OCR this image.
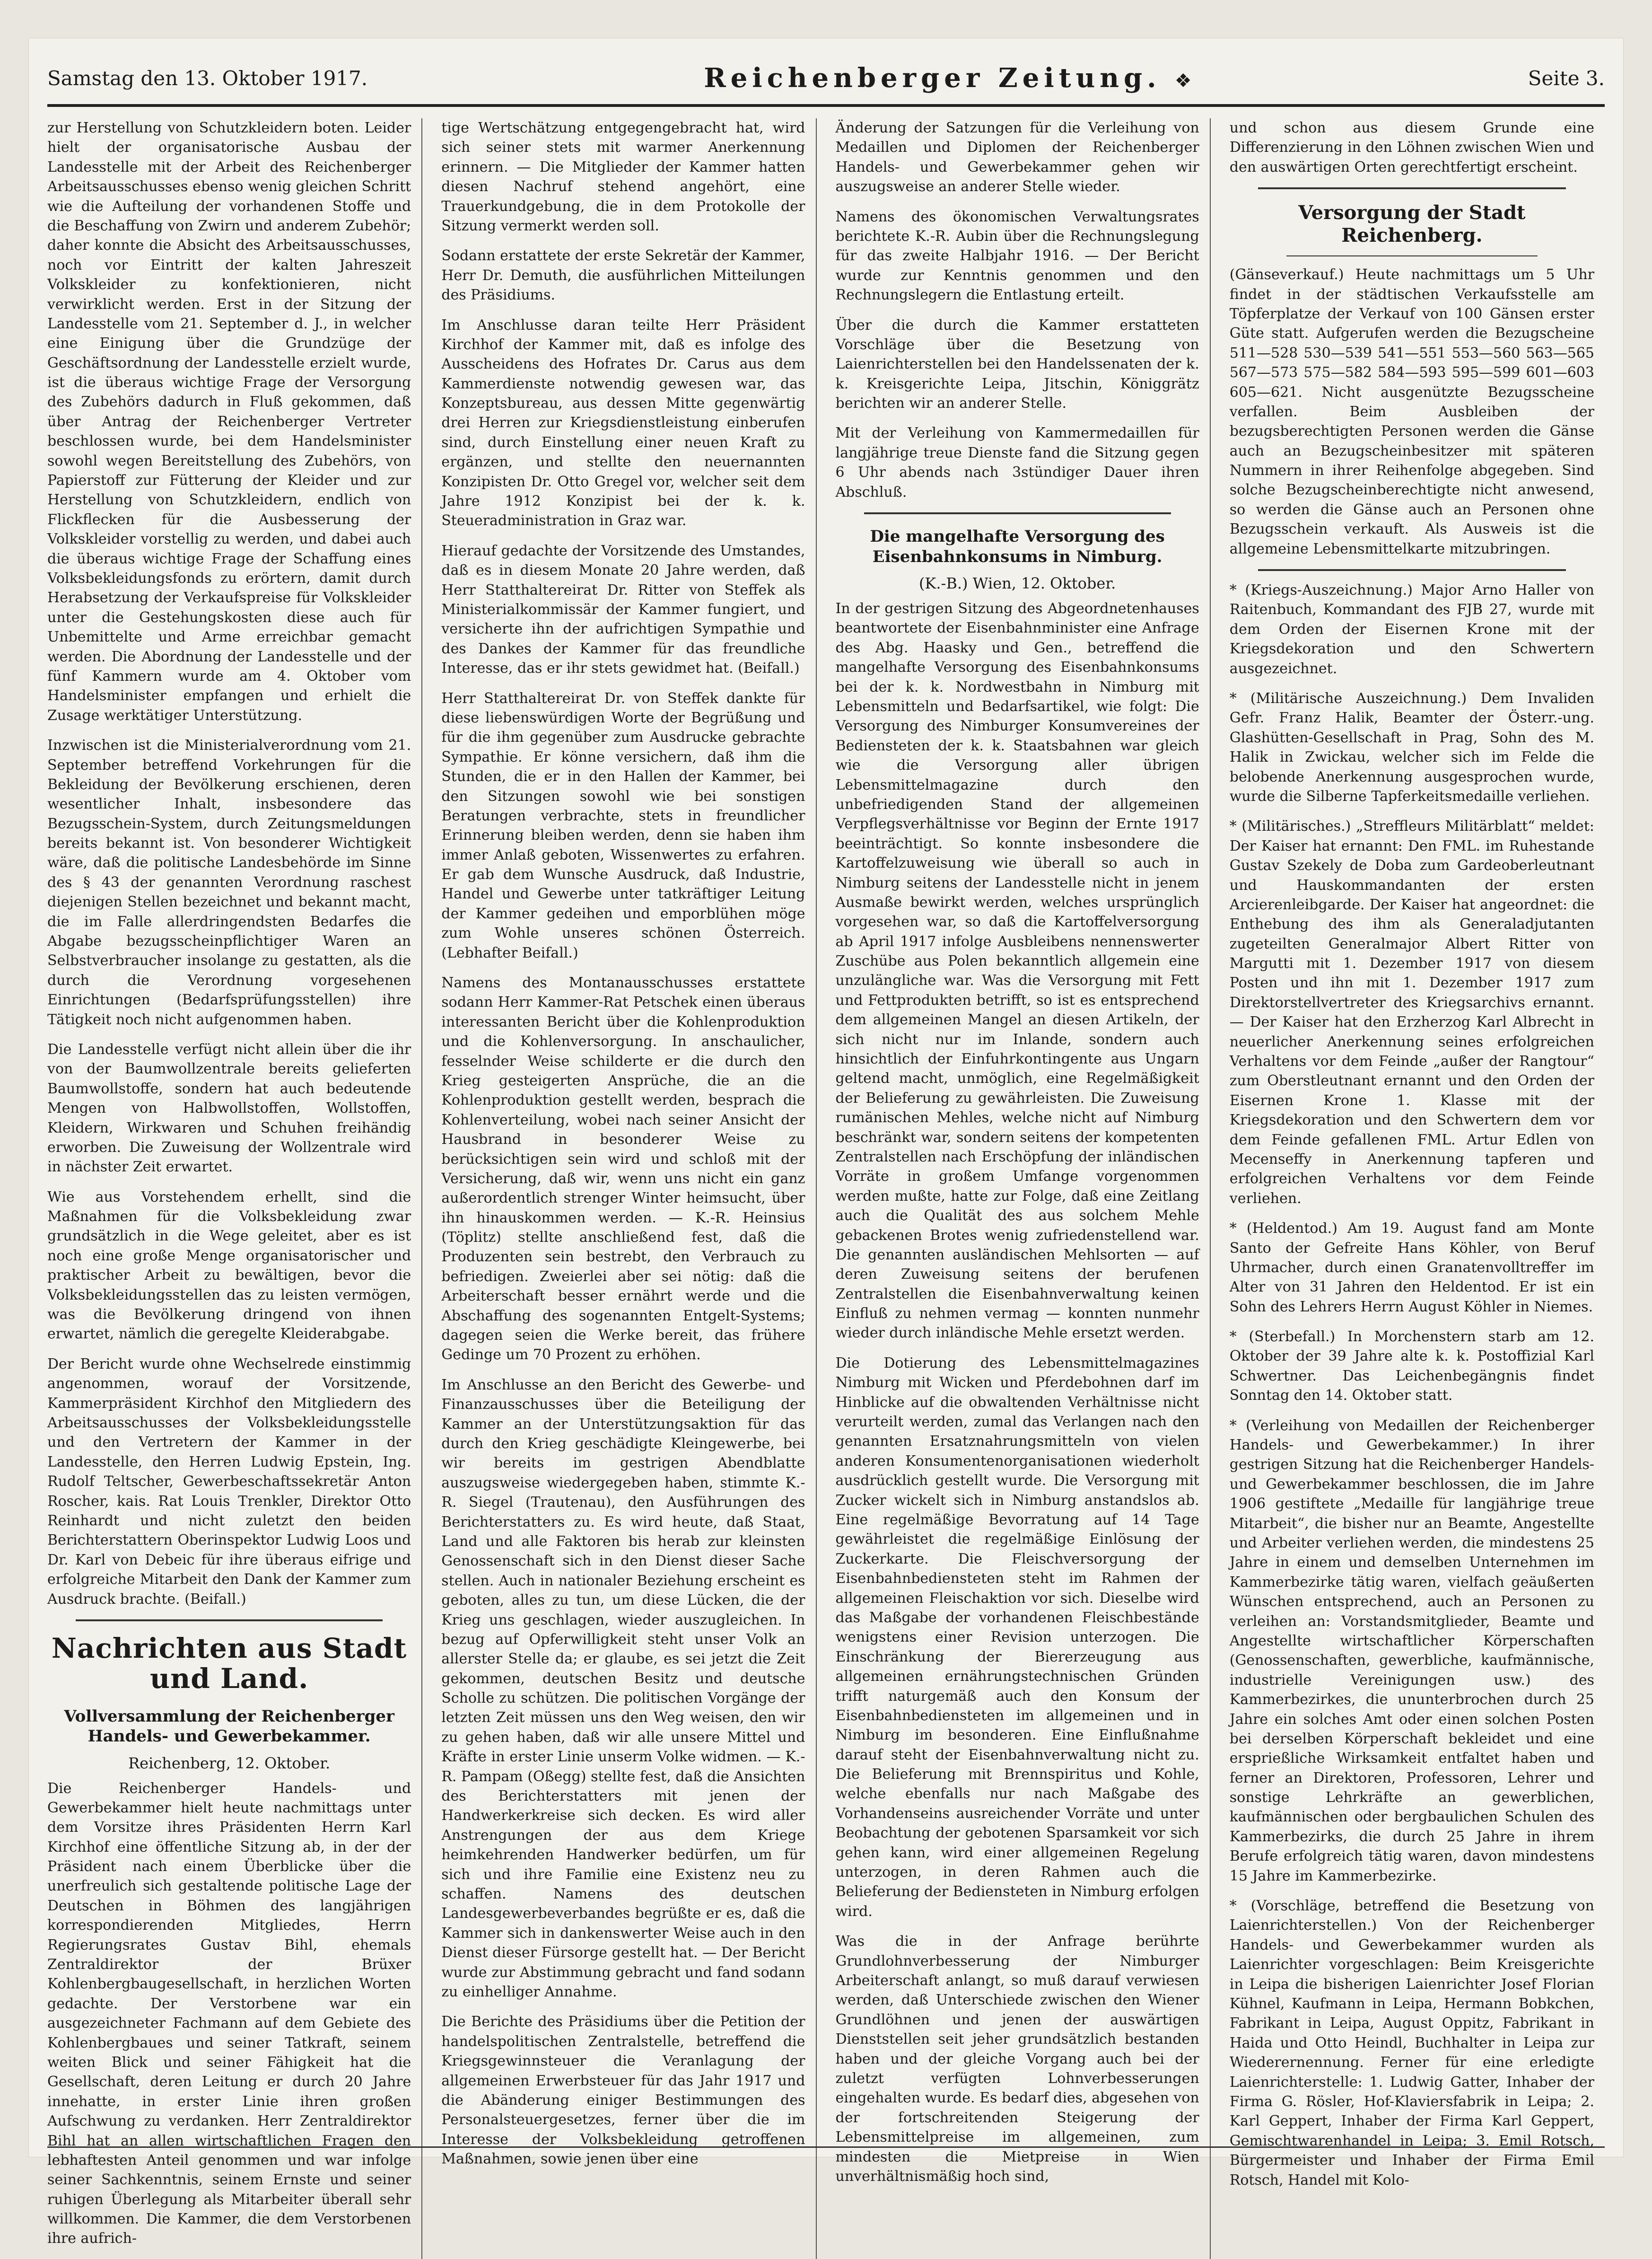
Samstag den 13. Oktober 1917.	Reichenberger Zeitung. ❖	Seite 3.

zur Herstellung von Schutzkleidern boten. Leider hielt der organisatorische Ausbau der Landesstelle mit der Arbeit des Reichenberger Arbeitsausschusses ebenso wenig gleichen Schritt wie die Aufteilung der vorhandenen Stoffe und die Beschaffung von Zwirn und anderem Zubehör; daher konnte die Absicht des Arbeitsausschusses, noch vor Eintritt der kalten Jahreszeit Volkskleider zu konfektionieren, nicht verwirklicht werden. Erst in der Sitzung der Landesstelle vom 21. September d. J., in welcher eine Einigung über die Grundzüge der Geschäftsordnung der Landesstelle erzielt wurde, ist die überaus wichtige Frage der Versorgung des Zubehörs dadurch in Fluß gekommen, daß über Antrag der Reichenberger Vertreter beschlossen wurde, bei dem Handelsminister sowohl wegen Bereitstellung des Zubehörs, von Papierstoff zur Fütterung der Kleider und zur Herstellung von Schutzkleidern, endlich von Flickflecken für die Ausbesserung der Volkskleider vorstellig zu werden, und dabei auch die überaus wichtige Frage der Schaffung eines Volksbekleidungsfonds zu erörtern, damit durch Herabsetzung der Verkaufspreise für Volkskleider unter die Gestehungskosten diese auch für Unbemittelte und Arme erreichbar gemacht werden. Die Abordnung der Landesstelle und der fünf Kammern wurde am 4. Oktober vom Handelsminister empfangen und erhielt die Zusage werktätiger Unterstützung.

Inzwischen ist die Ministerialverordnung vom 21. September betreffend Vorkehrungen für die Bekleidung der Bevölkerung erschienen, deren wesentlicher Inhalt, insbesondere das Bezugsschein-System, durch Zeitungsmeldungen bereits bekannt ist. Von besonderer Wichtigkeit wäre, daß die politische Landesbehörde im Sinne des § 43 der genannten Verordnung raschest diejenigen Stellen bezeichnet und bekannt macht, die im Falle allerdringendsten Bedarfes die Abgabe bezugsscheinpflichtiger Waren an Selbstverbraucher insolange zu gestatten, als die durch die Verordnung vorgesehenen Einrichtungen (Bedarfsprüfungsstellen) ihre Tätigkeit noch nicht aufgenommen haben.

Die Landesstelle verfügt nicht allein über die ihr von der Baumwollzentrale bereits gelieferten Baumwollstoffe, sondern hat auch bedeutende Mengen von Halbwollstoffen, Wollstoffen, Kleidern, Wirkwaren und Schuhen freihändig erworben. Die Zuweisung der Wollzentrale wird in nächster Zeit erwartet.

Wie aus Vorstehendem erhellt, sind die Maßnahmen für die Volksbekleidung zwar grundsätzlich in die Wege geleitet, aber es ist noch eine große Menge organisatorischer und praktischer Arbeit zu bewältigen, bevor die Volksbekleidungsstellen das zu leisten vermögen, was die Bevölkerung dringend von ihnen erwartet, nämlich die geregelte Kleiderabgabe.

Der Bericht wurde ohne Wechselrede einstimmig angenommen, worauf der Vorsitzende, Kammerpräsident Kirchhof den Mitgliedern des Arbeitsausschusses der Volksbekleidungsstelle und den Vertretern der Kammer in der Landesstelle, den Herren Ludwig Epstein, Ing. Rudolf Teltscher, Gewerbeschaftssekretär Anton Roscher, kais. Rat Louis Trenkler, Direktor Otto Reinhardt und nicht zuletzt den beiden Berichterstattern Oberinspektor Ludwig Loos und Dr. Karl von Debeic für ihre überaus eifrige und erfolgreiche Mitarbeit den Dank der Kammer zum Ausdruck brachte. (Beifall.)

Nachrichten aus Stadt und Land.
Vollversammlung der Reichenberger Handels- und Gewerbekammer.
Reichenberg, 12. Oktober.

Die Reichenberger Handels- und Gewerbekammer hielt heute nachmittags unter dem Vorsitze ihres Präsidenten Herrn Karl Kirchhof eine öffentliche Sitzung ab, in der der Präsident nach einem Überblicke über die unerfreulich sich gestaltende politische Lage der Deutschen in Böhmen des langjährigen korrespondierenden Mitgliedes, Herrn Regierungsrates Gustav Bihl, ehemals Zentraldirektor der Brüxer Kohlenbergbaugesellschaft, in herzlichen Worten gedachte. Der Verstorbene war ein ausgezeichneter Fachmann auf dem Gebiete des Kohlenbergbaues und seiner Tatkraft, seinem weiten Blick und seiner Fähigkeit hat die Gesellschaft, deren Leitung er durch 20 Jahre innehatte, in erster Linie ihren großen Aufschwung zu verdanken. Herr Zentraldirektor Bihl hat an allen wirtschaftlichen Fragen den lebhaftesten Anteil genommen und war infolge seiner Sachkenntnis, seinem Ernste und seiner ruhigen Überlegung als Mitarbeiter überall sehr willkommen. Die Kammer, die dem Verstorbenen ihre aufrich-

tige Wertschätzung entgegengebracht hat, wird sich seiner stets mit warmer Anerkennung erinnern. — Die Mitglieder der Kammer hatten diesen Nachruf stehend angehört, eine Trauerkundgebung, die in dem Protokolle der Sitzung vermerkt werden soll.

Sodann erstattete der erste Sekretär der Kammer, Herr Dr. Demuth, die ausführlichen Mitteilungen des Präsidiums.

Im Anschlusse daran teilte Herr Präsident Kirchhof der Kammer mit, daß es infolge des Ausscheidens des Hofrates Dr. Carus aus dem Kammerdienste notwendig gewesen war, das Konzeptsbureau, aus dessen Mitte gegenwärtig drei Herren zur Kriegsdienstleistung einberufen sind, durch Einstellung einer neuen Kraft zu ergänzen, und stellte den neuernannten Konzipisten Dr. Otto Gregel vor, welcher seit dem Jahre 1912 Konzipist bei der k. k. Steueradministration in Graz war.

Hierauf gedachte der Vorsitzende des Umstandes, daß es in diesem Monate 20 Jahre werden, daß Herr Statthaltereirat Dr. Ritter von Steffek als Ministerialkommissär der Kammer fungiert, und versicherte ihn der aufrichtigen Sympathie und des Dankes der Kammer für das freundliche Interesse, das er ihr stets gewidmet hat. (Beifall.)

Herr Statthaltereirat Dr. von Steffek dankte für diese liebenswürdigen Worte der Begrüßung und für die ihm gegenüber zum Ausdrucke gebrachte Sympathie. Er könne versichern, daß ihm die Stunden, die er in den Hallen der Kammer, bei den Sitzungen sowohl wie bei sonstigen Beratungen verbrachte, stets in freundlicher Erinnerung bleiben werden, denn sie haben ihm immer Anlaß geboten, Wissenwertes zu erfahren. Er gab dem Wunsche Ausdruck, daß Industrie, Handel und Gewerbe unter tatkräftiger Leitung der Kammer gedeihen und emporblühen möge zum Wohle unseres schönen Österreich. (Lebhafter Beifall.)

Namens des Montanausschusses erstattete sodann Herr Kammer-Rat Petschek einen überaus interessanten Bericht über die Kohlenproduktion und die Kohlenversorgung. In anschaulicher, fesselnder Weise schilderte er die durch den Krieg gesteigerten Ansprüche, die an die Kohlenproduktion gestellt werden, besprach die Kohlenverteilung, wobei nach seiner Ansicht der Hausbrand in besonderer Weise zu berücksichtigen sein wird und schloß mit der Versicherung, daß wir, wenn uns nicht ein ganz außerordentlich strenger Winter heimsucht, über ihn hinauskommen werden. — K.-R. Heinsius (Töplitz) stellte anschließend fest, daß die Produzenten sein bestrebt, den Verbrauch zu befriedigen. Zweierlei aber sei nötig: daß die Arbeiterschaft besser ernährt werde und die Abschaffung des sogenannten Entgelt-Systems; dagegen seien die Werke bereit, das frühere Gedinge um 70 Prozent zu erhöhen.

Im Anschlusse an den Bericht des Gewerbe- und Finanzausschusses über die Beteiligung der Kammer an der Unterstützungsaktion für das durch den Krieg geschädigte Kleingewerbe, bei wir bereits im gestrigen Abendblatte auszugsweise wiedergegeben haben, stimmte K.-R. Siegel (Trautenau), den Ausführungen des Berichterstatters zu. Es wird heute, daß Staat, Land und alle Faktoren bis herab zur kleinsten Genossenschaft sich in den Dienst dieser Sache stellen. Auch in nationaler Beziehung erscheint es geboten, alles zu tun, um diese Lücken, die der Krieg uns geschlagen, wieder auszugleichen. In bezug auf Opferwilligkeit steht unser Volk an allerster Stelle da; er glaube, es sei jetzt die Zeit gekommen, deutschen Besitz und deutsche Scholle zu schützen. Die politischen Vorgänge der letzten Zeit müssen uns den Weg weisen, den wir zu gehen haben, daß wir alle unsere Mittel und Kräfte in erster Linie unserm Volke widmen. — K.-R. Pampam (Oßegg) stellte fest, daß die Ansichten des Berichterstatters mit jenen der Handwerkerkreise sich decken. Es wird aller Anstrengungen der aus dem Kriege heimkehrenden Handwerker bedürfen, um für sich und ihre Familie eine Existenz neu zu schaffen. Namens des deutschen Landesgewerbeverbandes begrüßte er es, daß die Kammer sich in dankenswerter Weise auch in den Dienst dieser Fürsorge gestellt hat. — Der Bericht wurde zur Abstimmung gebracht und fand sodann zu einhelliger Annahme.

Die Berichte des Präsidiums über die Petition der handelspolitischen Zentralstelle, betreffend die Kriegsgewinnsteuer die Veranlagung der allgemeinen Erwerbsteuer für das Jahr 1917 und die Abänderung einiger Bestimmungen des Personalsteuergesetzes, ferner über die im Interesse der Volksbekleidung getroffenen Maßnahmen, sowie jenen über eine

Änderung der Satzungen für die Verleihung von Medaillen und Diplomen der Reichenberger Handels- und Gewerbekammer gehen wir auszugsweise an anderer Stelle wieder.

Namens des ökonomischen Verwaltungsrates berichtete K.-R. Aubin über die Rechnungslegung für das zweite Halbjahr 1916. — Der Bericht wurde zur Kenntnis genommen und den Rechnungslegern die Entlastung erteilt.

Über die durch die Kammer erstatteten Vorschläge über die Besetzung von Laienrichterstellen bei den Handelssenaten der k. k. Kreisgerichte Leipa, Jitschin, Königgrätz berichten wir an anderer Stelle.

Mit der Verleihung von Kammermedaillen für langjährige treue Dienste fand die Sitzung gegen 6 Uhr abends nach 3stündiger Dauer ihren Abschluß.

Die mangelhafte Versorgung des Eisenbahnkonsums in Nimburg.
(K.-B.) Wien, 12. Oktober.

In der gestrigen Sitzung des Abgeordnetenhauses beantwortete der Eisenbahnminister eine Anfrage des Abg. Haasky und Gen., betreffend die mangelhafte Versorgung des Eisenbahnkonsums bei der k. k. Nordwestbahn in Nimburg mit Lebensmitteln und Bedarfsartikel, wie folgt: Die Versorgung des Nimburger Konsumvereines der Bediensteten der k. k. Staatsbahnen war gleich wie die Versorgung aller übrigen Lebensmittelmagazine durch den unbefriedigenden Stand der allgemeinen Verpflegsverhältnisse vor Beginn der Ernte 1917 beeinträchtigt. So konnte insbesondere die Kartoffelzuweisung wie überall so auch in Nimburg seitens der Landesstelle nicht in jenem Ausmaße bewirkt werden, welches ursprünglich vorgesehen war, so daß die Kartoffelversorgung ab April 1917 infolge Ausbleibens nennenswerter Zuschübe aus Polen bekanntlich allgemein eine unzulängliche war. Was die Versorgung mit Fett und Fettprodukten betrifft, so ist es entsprechend dem allgemeinen Mangel an diesen Artikeln, der sich nicht nur im Inlande, sondern auch hinsichtlich der Einfuhrkontingente aus Ungarn geltend macht, unmöglich, eine Regelmäßigkeit der Belieferung zu gewährleisten. Die Zuweisung rumänischen Mehles, welche nicht auf Nimburg beschränkt war, sondern seitens der kompetenten Zentralstellen nach Erschöpfung der inländischen Vorräte in großem Umfange vorgenommen werden mußte, hatte zur Folge, daß eine Zeitlang auch die Qualität des aus solchem Mehle gebackenen Brotes wenig zufriedenstellend war. Die genannten ausländischen Mehlsorten — auf deren Zuweisung seitens der berufenen Zentralstellen die Eisenbahnverwaltung keinen Einfluß zu nehmen vermag — konnten nunmehr wieder durch inländische Mehle ersetzt werden.

Die Dotierung des Lebensmittelmagazines Nimburg mit Wicken und Pferdebohnen darf im Hinblicke auf die obwaltenden Verhältnisse nicht verurteilt werden, zumal das Verlangen nach den genannten Ersatznahrungsmitteln von vielen anderen Konsumentenorganisationen wiederholt ausdrücklich gestellt wurde. Die Versorgung mit Zucker wickelt sich in Nimburg anstandslos ab. Eine regelmäßige Bevorratung auf 14 Tage gewährleistet die regelmäßige Einlösung der Zuckerkarte. Die Fleischversorgung der Eisenbahnbediensteten steht im Rahmen der allgemeinen Fleischaktion vor sich. Dieselbe wird das Maßgabe der vorhandenen Fleischbestände wenigstens einer Revision unterzogen. Die Einschränkung der Biererzeugung aus allgemeinen ernährungstechnischen Gründen trifft naturgemäß auch den Konsum der Eisenbahnbediensteten im allgemeinen und in Nimburg im besonderen. Eine Einflußnahme darauf steht der Eisenbahnverwaltung nicht zu. Die Belieferung mit Brennspiritus und Kohle, welche ebenfalls nur nach Maßgabe des Vorhandenseins ausreichender Vorräte und unter Beobachtung der gebotenen Sparsamkeit vor sich gehen kann, wird einer allgemeinen Regelung unterzogen, in deren Rahmen auch die Belieferung der Bediensteten in Nimburg erfolgen wird.

Was die in der Anfrage berührte Grundlohnverbesserung der Nimburger Arbeiterschaft anlangt, so muß darauf verwiesen werden, daß Unterschiede zwischen den Wiener Grundlöhnen und jenen der auswärtigen Dienststellen seit jeher grundsätzlich bestanden haben und der gleiche Vorgang auch bei der zuletzt verfügten Lohnverbesserungen eingehalten wurde. Es bedarf dies, abgesehen von der fortschreitenden Steigerung der Lebensmittelpreise im allgemeinen, zum mindesten die Mietpreise in Wien unverhältnismäßig hoch sind,

und schon aus diesem Grunde eine Differenzierung in den Löhnen zwischen Wien und den auswärtigen Orten gerechtfertigt erscheint.

Versorgung der Stadt Reichenberg.

(Gänseverkauf.) Heute nachmittags um 5 Uhr findet in der städtischen Verkaufsstelle am Töpferplatze der Verkauf von 100 Gänsen erster Güte statt. Aufgerufen werden die Bezugscheine 511—528 530—539 541—551 553—560 563—565 567—573 575—582 584—593 595—599 601—603 605—621. Nicht ausgenützte Bezugsscheine verfallen. Beim Ausbleiben der bezugsberechtigten Personen werden die Gänse auch an Bezugscheinbesitzer mit späteren Nummern in ihrer Reihenfolge abgegeben. Sind solche Bezugscheinberechtigte nicht anwesend, so werden die Gänse auch an Personen ohne Bezugsschein verkauft. Als Ausweis ist die allgemeine Lebensmittelkarte mitzubringen.

* (Kriegs-Auszeichnung.) Major Arno Haller von Raitenbuch, Kommandant des FJB 27, wurde mit dem Orden der Eisernen Krone mit der Kriegsdekoration und den Schwertern ausgezeichnet.

* (Militärische Auszeichnung.) Dem Invaliden Gefr. Franz Halik, Beamter der Österr.-ung. Glashütten-Gesellschaft in Prag, Sohn des M. Halik in Zwickau, welcher sich im Felde die belobende Anerkennung ausgesprochen wurde, wurde die Silberne Tapferkeitsmedaille verliehen.

* (Militärisches.) „Streffleurs Militärblatt“ meldet: Der Kaiser hat ernannt: Den FML. im Ruhestande Gustav Szekely de Doba zum Gardeoberleutnant und Hauskommandanten der ersten Arcierenleibgarde. Der Kaiser hat angeordnet: die Enthebung des ihm als Generaladjutanten zugeteilten Generalmajor Albert Ritter von Margutti mit 1. Dezember 1917 von diesem Posten und ihn mit 1. Dezember 1917 zum Direktorstellvertreter des Kriegsarchivs ernannt. — Der Kaiser hat den Erzherzog Karl Albrecht in neuerlicher Anerkennung seines erfolgreichen Verhaltens vor dem Feinde „außer der Rangtour“ zum Oberstleutnant ernannt und den Orden der Eisernen Krone 1. Klasse mit der Kriegsdekoration und den Schwertern dem vor dem Feinde gefallenen FML. Artur Edlen von Mecenseffy in Anerkennung tapferen und erfolgreichen Verhaltens vor dem Feinde verliehen.

* (Heldentod.) Am 19. August fand am Monte Santo der Gefreite Hans Köhler, von Beruf Uhrmacher, durch einen Granatenvolltreffer im Alter von 31 Jahren den Heldentod. Er ist ein Sohn des Lehrers Herrn August Köhler in Niemes.

* (Sterbefall.) In Morchenstern starb am 12. Oktober der 39 Jahre alte k. k. Postoffizial Karl Schwertner. Das Leichenbegängnis findet Sonntag den 14. Oktober statt.

* (Verleihung von Medaillen der Reichenberger Handels- und Gewerbekammer.) In ihrer gestrigen Sitzung hat die Reichenberger Handels- und Gewerbekammer beschlossen, die im Jahre 1906 gestiftete „Medaille für langjährige treue Mitarbeit“, die bisher nur an Beamte, Angestellte und Arbeiter verliehen werden, die mindestens 25 Jahre in einem und demselben Unternehmen im Kammerbezirke tätig waren, vielfach geäußerten Wünschen entsprechend, auch an Personen zu verleihen an: Vorstandsmitglieder, Beamte und Angestellte wirtschaftlicher Körperschaften (Genossenschaften, gewerbliche, kaufmännische, industrielle Vereinigungen usw.) des Kammerbezirkes, die ununterbrochen durch 25 Jahre ein solches Amt oder einen solchen Posten bei derselben Körperschaft bekleidet und eine ersprießliche Wirksamkeit entfaltet haben und ferner an Direktoren, Professoren, Lehrer und sonstige Lehrkräfte an gewerblichen, kaufmännischen oder bergbaulichen Schulen des Kammerbezirks, die durch 25 Jahre in ihrem Berufe erfolgreich tätig waren, davon mindestens 15 Jahre im Kammerbezirke.

* (Vorschläge, betreffend die Besetzung von Laienrichterstellen.) Von der Reichenberger Handels- und Gewerbekammer wurden als Laienrichter vorgeschlagen: Beim Kreisgerichte in Leipa die bisherigen Laienrichter Josef Florian Kühnel, Kaufmann in Leipa, Hermann Bobkchen, Fabrikant in Leipa, August Oppitz, Fabrikant in Haida und Otto Heindl, Buchhalter in Leipa zur Wiederernennung. Ferner für eine erledigte Laienrichterstelle: 1. Ludwig Gatter, Inhaber der Firma G. Rösler, Hof-Klaviersfabrik in Leipa; 2. Karl Geppert, Inhaber der Firma Karl Geppert, Gemischtwarenhandel in Leipa; 3. Emil Rotsch, Bürgermeister und Inhaber der Firma Emil Rotsch, Handel mit Kolo-
